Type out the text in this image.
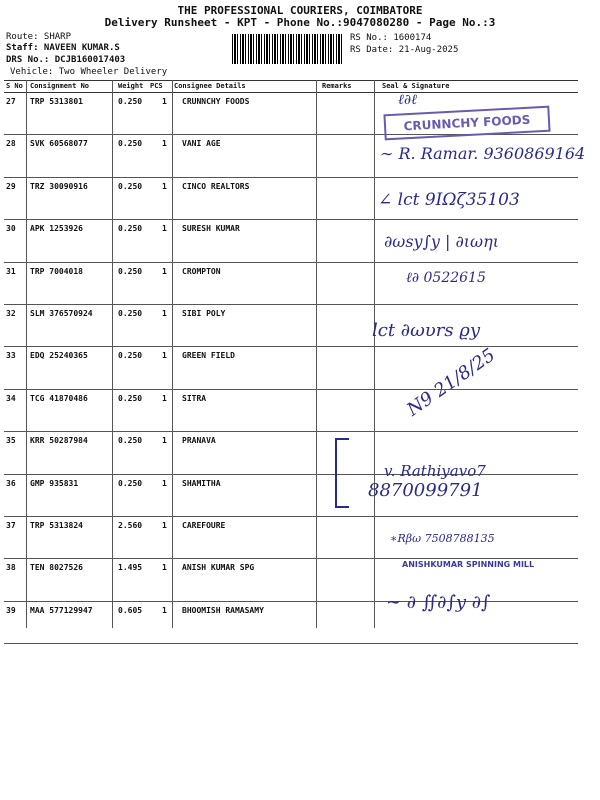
THE PROFESSIONAL COURIERS, COIMBATORE
Delivery Runsheet - KPT - Phone No.:9047080280 - Page No.:3
Route: SHARP
Staff: NAVEEN KUMAR.S
DRS No.: DCJB160017403
Vehicle: Two Wheeler Delivery
RS No.: 1600174
RS Date: 21-Aug-2025
S No Consignment No	Weight PCS Consignee Details	Remarks	Seal & Signature
27 TRP 5313801	0.250 1 CRUNNCHY FOODS
28 SVK 60568077	0.250 1 VANI AGE
29 TRZ 30090916	0.250 1 CINCO REALTORS
30 APK 1253926	0.250 1 SURESH KUMAR
31 TRP 7004018	0.250 1 CROMPTON
32 SLM 376570924	0.250 1 SIBI POLY
33 EDQ 25240365	0.250 1 GREEN FIELD
34 TCG 41870486	0.250 1 SITRA
35 KRR 50287984	0.250 1 PRANAVA
36 GMP 935831	0.250 1 SHAMITHA
37 TRP 5313824	2.560 1 CAREFOURE
38 TEN 8027526	1.495 1 ANISH KUMAR SPG
39 MAA 577129947	0.605 1 BHOOMISH RAMASAMY
CRUNNCHY FOODS
ℓ∂ℓ
∼ R. Ramar. 9360869164
∠ lct 9ΙΩζ35103
∂ωsy∫y | ∂ιωηι
ℓ∂ 0522615
lct ∂ωυrs ϱy
Ν9 21/8/25
v. Rathiyavo7
8870099791
∗Rβω 7508788135
ANISHKUMAR SPINNING MILL
∼ ∂ ∬∂∫y ∂∫
